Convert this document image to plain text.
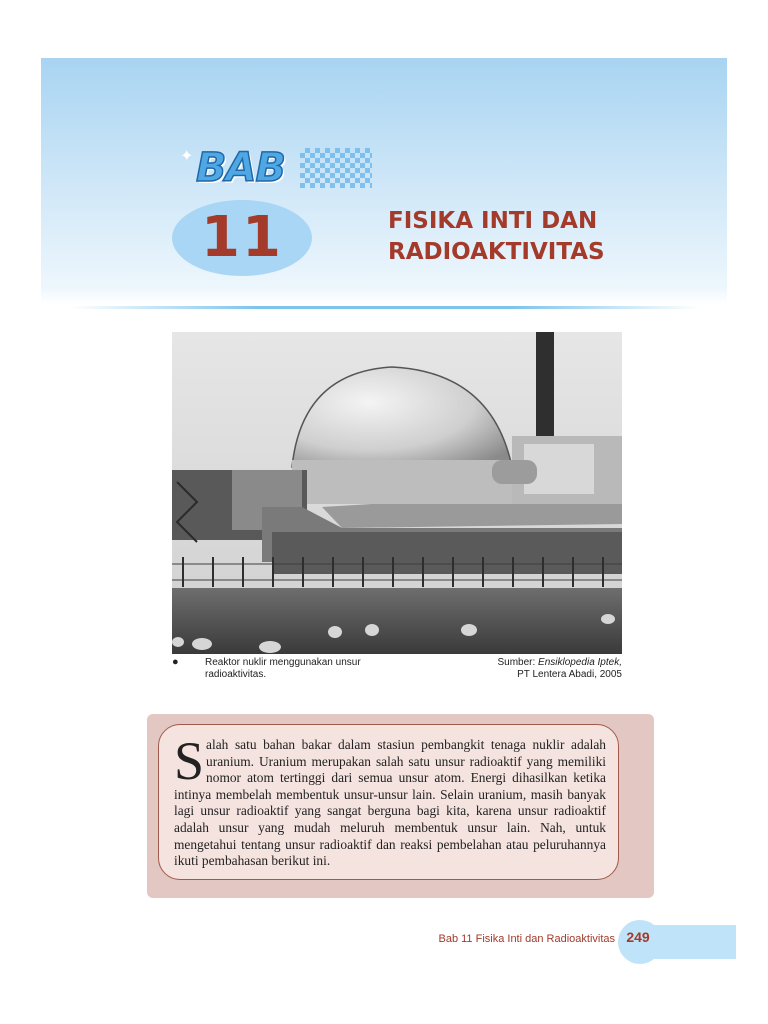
✦ BAB
11	FISIKA INTI DAN
RADIOAKTIVITAS
●	Reaktor nuklir menggunakan unsur radioaktivitas.
Sumber: Ensiklopedia Iptek,
PT Lentera Abadi, 2005

Salah satu bahan bakar dalam stasiun pembangkit tenaga nuklir adalah uranium. Uranium merupakan salah satu unsur radioaktif yang memiliki nomor atom tertinggi dari semua unsur atom. Energi dihasilkan ketika intinya membelah membentuk unsur-unsur lain. Selain uranium, masih banyak lagi unsur radioaktif yang sangat berguna bagi kita, karena unsur radioaktif adalah unsur yang mudah meluruh membentuk unsur lain. Nah, untuk mengetahui tentang unsur radioaktif dan reaksi pembelahan atau peluruhannya ikuti pembahasan berikut ini.

Bab 11 Fisika Inti dan Radioaktivitas 249
